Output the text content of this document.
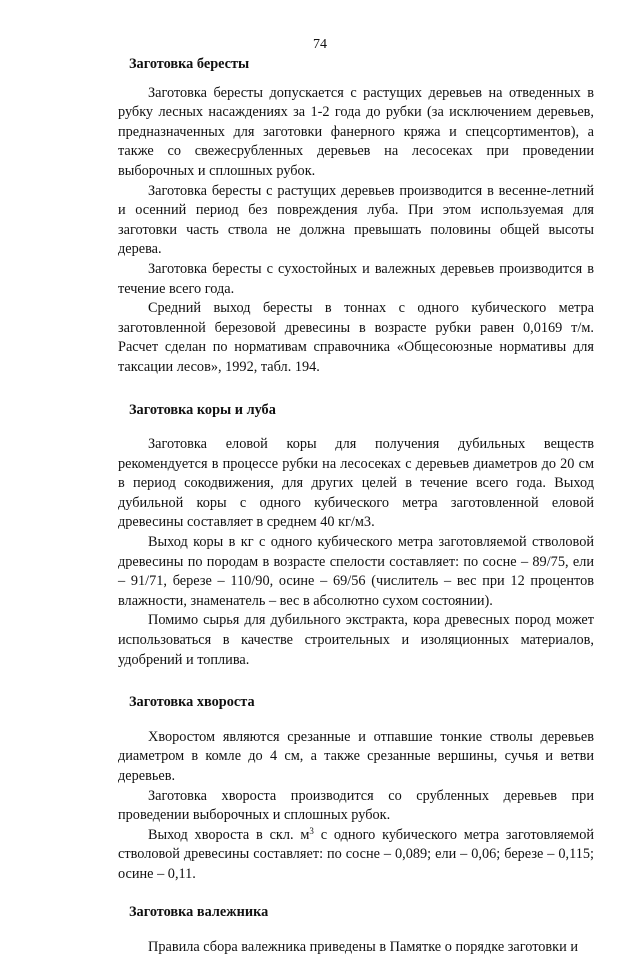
74

Заготовка бересты

Заготовка бересты допускается с растущих деревьев на отведенных в рубку лесных насаждениях за 1-2 года до рубки (за исключением деревьев, предназначенных для заготовки фанерного кряжа и спецсортиментов), а также со свежесрубленных деревьев на лесосеках при проведении выборочных и сплошных рубок.

Заготовка бересты с растущих деревьев производится в весенне-летний и осенний период без повреждения луба. При этом используемая для заготовки часть ствола не должна превышать половины общей высоты дерева.

Заготовка бересты с сухостойных и валежных деревьев производится в течение всего года.

Средний выход бересты в тоннах с одного кубического метра заготовленной березовой древесины в возрасте рубки равен 0,0169 т/м. Расчет сделан по нормативам справочника «Общесоюзные нормативы для таксации лесов», 1992, табл. 194.

Заготовка коры и луба

Заготовка еловой коры для получения дубильных веществ рекомендуется в процессе рубки на лесосеках с деревьев диаметров до 20 см в период сокодвижения, для других целей в течение всего года. Выход дубильной коры с одного кубического метра заготовленной еловой древесины составляет в среднем 40 кг/м3.

Выход коры в кг с одного кубического метра заготовляемой стволовой древесины по породам в возрасте спелости составляет: по сосне – 89/75, ели – 91/71, березе – 110/90, осине – 69/56 (числитель – вес при 12 процентов влажности, знаменатель – вес в абсолютно сухом состоянии).

Помимо сырья для дубильного экстракта, кора древесных пород может использоваться в качестве строительных и изоляционных материалов, удобрений и топлива.

Заготовка хвороста

Хворостом являются срезанные и отпавшие тонкие стволы деревьев диаметром в комле до 4 см, а также срезанные вершины, сучья и ветви деревьев.

Заготовка хвороста производится со срубленных деревьев при проведении выборочных и сплошных рубок.

Выход хвороста в скл. $м^3$ с одного кубического метра заготовляемой стволовой древесины составляет: по сосне – 0,089; ели – 0,06; березе – 0,115; осине – 0,11.

Заготовка валежника

Правила сбора валежника приведены в Памятке о порядке заготовки и
